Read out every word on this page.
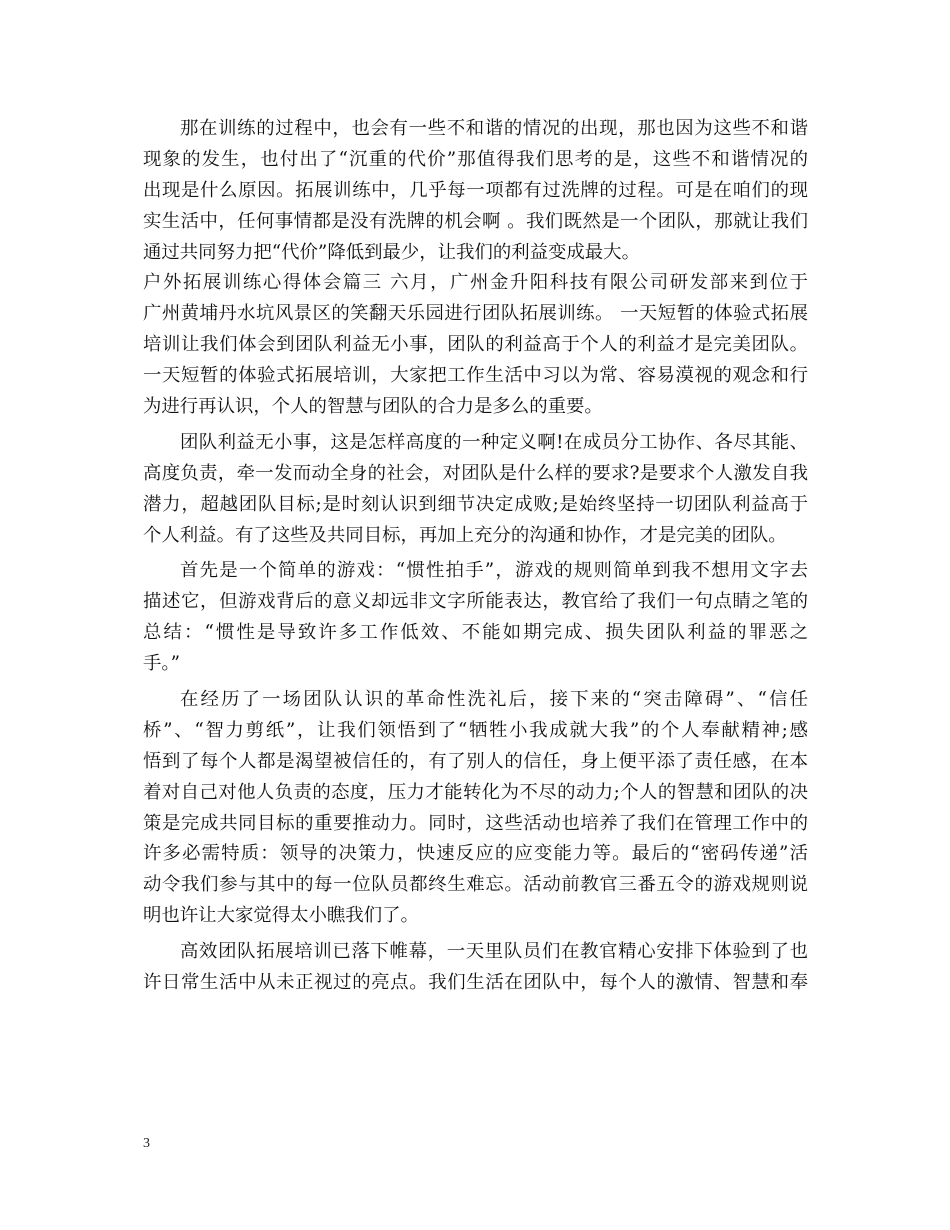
那在训练的过程中，也会有一些不和谐的情况的出现，那也因为这些不和谐
现象的发生，也付出了“沉重的代价”那值得我们思考的是，这些不和谐情况的
出现是什么原因。拓展训练中，几乎每一项都有过洗牌的过程。可是在咱们的现
实生活中，任何事情都是没有洗牌的机会啊 。我们既然是一个团队，那就让我们
通过共同努力把“代价”降低到最少，让我们的利益变成最大。
户外拓展训练心得体会篇三 六月，广州金升阳科技有限公司研发部来到位于
广州黄埔丹水坑风景区的笑翻天乐园进行团队拓展训练。 一天短暂的体验式拓展
培训让我们体会到团队利益无小事，团队的利益高于个人的利益才是完美团队。
一天短暂的体验式拓展培训，大家把工作生活中习以为常、容易漠视的观念和行
为进行再认识，个人的智慧与团队的合力是多么的重要。
团队利益无小事，这是怎样高度的一种定义啊!在成员分工协作、各尽其能、
高度负责，牵一发而动全身的社会，对团队是什么样的要求?是要求个人激发自我
潜力，超越团队目标;是时刻认识到细节决定成败;是始终坚持一切团队利益高于
个人利益。有了这些及共同目标，再加上充分的沟通和协作，才是完美的团队。
首先是一个简单的游戏：“惯性拍手”，游戏的规则简单到我不想用文字去
描述它，但游戏背后的意义却远非文字所能表达，教官给了我们一句点睛之笔的
总结：“惯性是导致许多工作低效、不能如期完成、损失团队利益的罪恶之
手。”
在经历了一场团队认识的革命性洗礼后，接下来的“突击障碍”、“信任
桥”、“智力剪纸”，让我们领悟到了“牺牲小我成就大我”的个人奉献精神;感
悟到了每个人都是渴望被信任的，有了别人的信任，身上便平添了责任感，在本
着对自己对他人负责的态度，压力才能转化为不尽的动力;个人的智慧和团队的决
策是完成共同目标的重要推动力。同时，这些活动也培养了我们在管理工作中的
许多必需特质：领导的决策力，快速反应的应变能力等。最后的“密码传递”活
动令我们参与其中的每一位队员都终生难忘。活动前教官三番五令的游戏规则说
明也许让大家觉得太小瞧我们了。
高效团队拓展培训已落下帷幕，一天里队员们在教官精心安排下体验到了也
许日常生活中从未正视过的亮点。我们生活在团队中，每个人的激情、智慧和奉
3
